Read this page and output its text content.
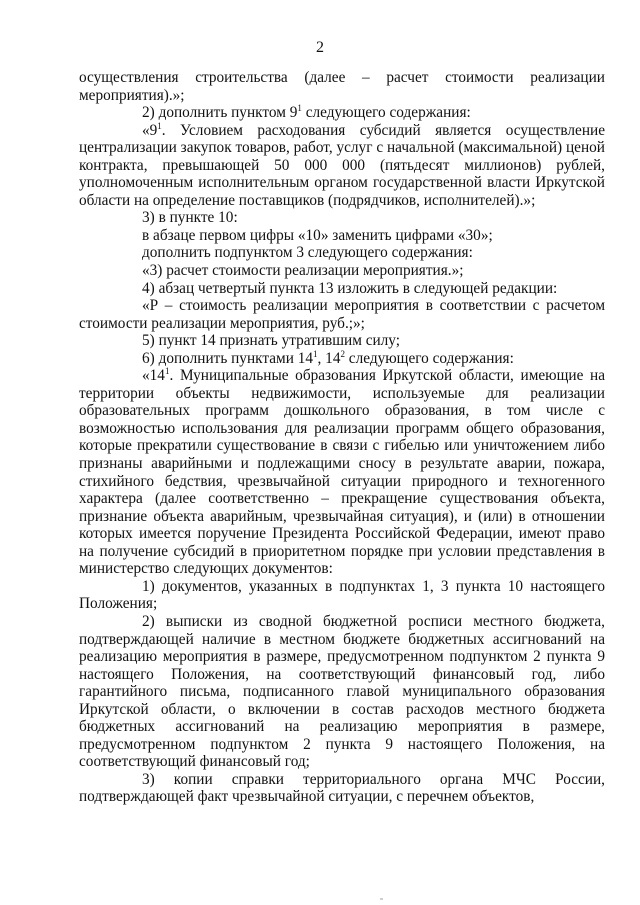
2

осуществления строительства (далее – расчет стоимости реализации мероприятия).»;

2) дополнить пунктом $9^1$ следующего содержания:

«$9^1$. Условием расходования субсидий является осуществление централизации закупок товаров, работ, услуг с начальной (максимальной) ценой контракта, превышающей 50 000 000 (пятьдесят миллионов) рублей, уполномоченным исполнительным органом государственной власти Иркутской области на определение поставщиков (подрядчиков, исполнителей).»;

3) в пункте 10:

в абзаце первом цифры «10» заменить цифрами «30»;

дополнить подпунктом 3 следующего содержания:

«3) расчет стоимости реализации мероприятия.»;

4) абзац четвертый пункта 13 изложить в следующей редакции:

«Р – стоимость реализации мероприятия в соответствии с расчетом стоимости реализации мероприятия, руб.;»;

5) пункт 14 признать утратившим силу;

6) дополнить пунктами $14^1$, $14^2$ следующего содержания:

«$14^1$. Муниципальные образования Иркутской области, имеющие на территории объекты недвижимости, используемые для реализации образовательных программ дошкольного образования, в том числе с возможностью использования для реализации программ общего образования, которые прекратили существование в связи с гибелью или уничтожением либо признаны аварийными и подлежащими сносу в результате аварии, пожара, стихийного бедствия, чрезвычайной ситуации природного и техногенного характера (далее соответственно – прекращение существования объекта, признание объекта аварийным, чрезвычайная ситуация), и (или) в отношении которых имеется поручение Президента Российской Федерации, имеют право на получение субсидий в приоритетном порядке при условии представления в министерство следующих документов:

1) документов, указанных в подпунктах 1, 3 пункта 10 настоящего Положения;

2) выписки из сводной бюджетной росписи местного бюджета, подтверждающей наличие в местном бюджете бюджетных ассигнований на реализацию мероприятия в размере, предусмотренном подпунктом 2 пункта 9 настоящего Положения, на соответствующий финансовый год, либо гарантийного письма, подписанного главой муниципального образования Иркутской области, о включении в состав расходов местного бюджета бюджетных ассигнований на реализацию мероприятия в размере, предусмотренном подпунктом 2 пункта 9 настоящего Положения, на соответствующий финансовый год;

3) копии справки территориального органа МЧС России, подтверждающей факт чрезвычайной ситуации, с перечнем объектов,
